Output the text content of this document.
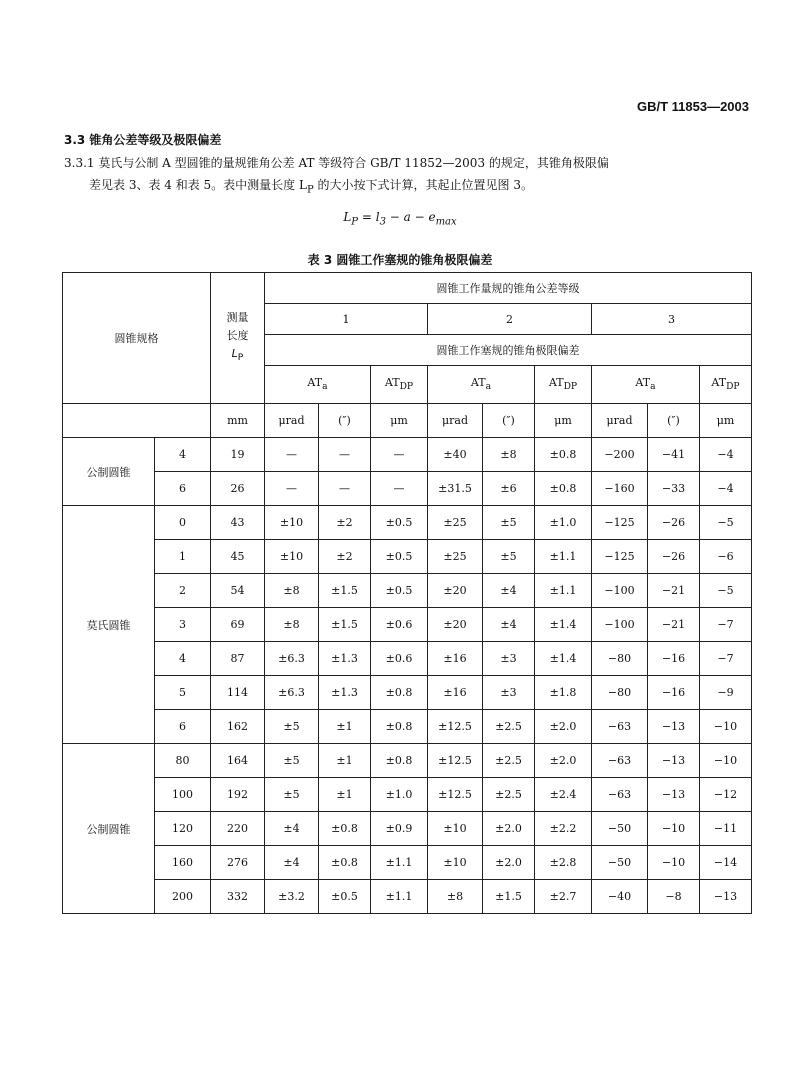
GB/T 11853—2003
3.3 锥角公差等级及极限偏差
3.3.1 莫氏与公制 A 型圆锥的量规锥角公差 AT 等级符合 GB/T 11852—2003 的规定，其锥角极限偏
差见表 3、表 4 和表 5。表中测量长度 $L_P$ 的大小按下式计算，其起止位置见图 3。
$L_P = l_3 - a - e_{max}$
表 3 圆锥工作塞规的锥角极限偏差
圆锥规格		测量
长度
$L_P$	圆锥工作量规的锥角公差等级								
			1			2			3		
			圆锥工作塞规的锥角极限偏差								
			$AT_a$		$AT_{DP}$	$AT_a$		$AT_{DP}$	$AT_a$		$AT_{DP}$
		mm	μrad	(″)	μm	μrad	(″)	μm	μrad	(″)	μm
公制圆锥	4	19	—	—	—	±40	±8	±0.8	−200	−41	−4
	6	26	—	—	—	±31.5	±6	±0.8	−160	−33	−4
莫氏圆锥	0	43	±10	±2	±0.5	±25	±5	±1.0	−125	−26	−5
	1	45	±10	±2	±0.5	±25	±5	±1.1	−125	−26	−6
	2	54	±8	±1.5	±0.5	±20	±4	±1.1	−100	−21	−5
	3	69	±8	±1.5	±0.6	±20	±4	±1.4	−100	−21	−7
	4	87	±6.3	±1.3	±0.6	±16	±3	±1.4	−80	−16	−7
	5	114	±6.3	±1.3	±0.8	±16	±3	±1.8	−80	−16	−9
	6	162	±5	±1	±0.8	±12.5	±2.5	±2.0	−63	−13	−10
公制圆锥	80	164	±5	±1	±0.8	±12.5	±2.5	±2.0	−63	−13	−10
	100	192	±5	±1	±1.0	±12.5	±2.5	±2.4	−63	−13	−12
	120	220	±4	±0.8	±0.9	±10	±2.0	±2.2	−50	−10	−11
	160	276	±4	±0.8	±1.1	±10	±2.0	±2.8	−50	−10	−14
	200	332	±3.2	±0.5	±1.1	±8	±1.5	±2.7	−40	−8	−13
